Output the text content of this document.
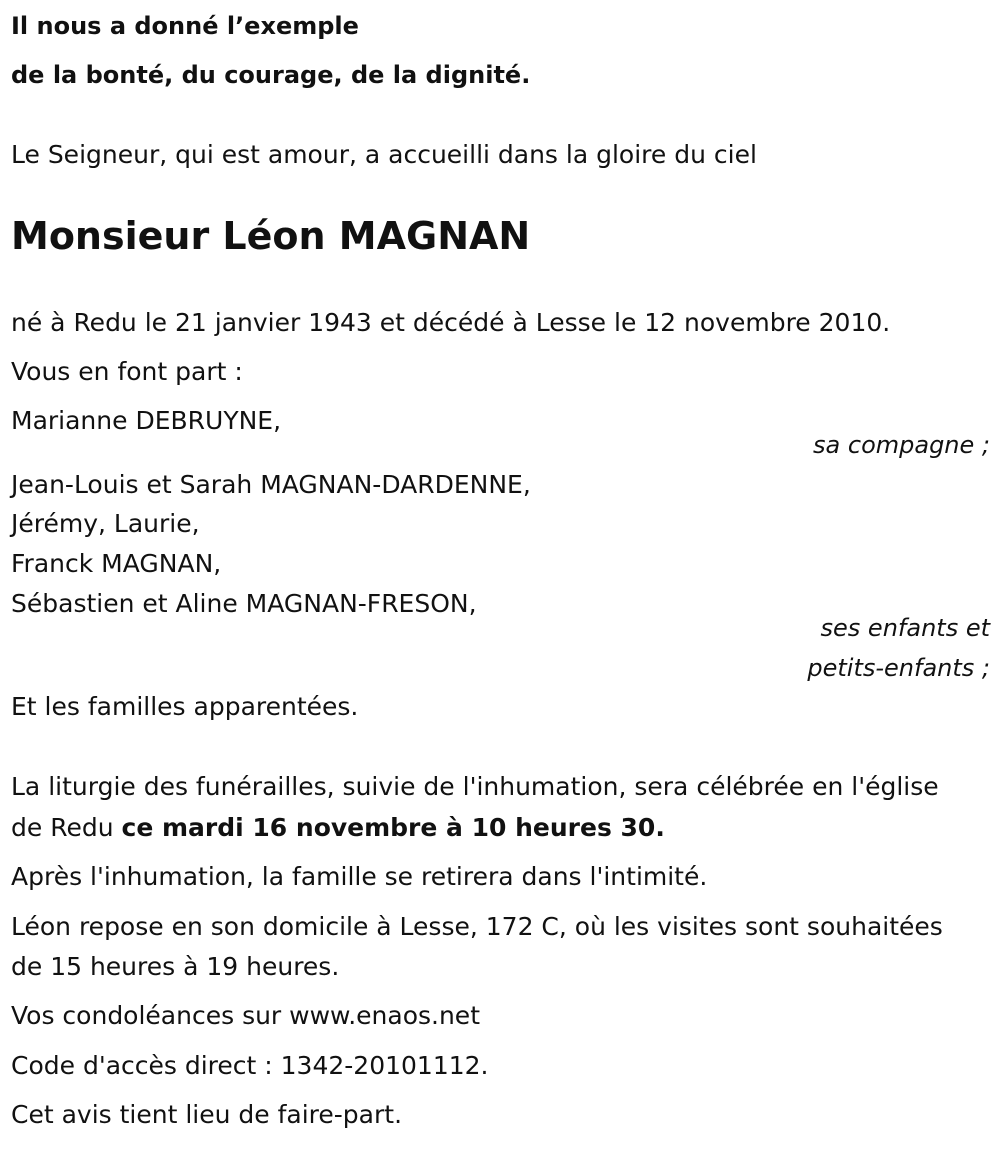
Il nous a donné l’exemple
de la bonté, du courage, de la dignité.
Le Seigneur, qui est amour, a accueilli dans la gloire du ciel
Monsieur Léon MAGNAN
né à Redu le 21 janvier 1943 et décédé à Lesse le 12 novembre 2010.
Vous en font part :
Marianne DEBRUYNE,
sa compagne ;
Jean-Louis et Sarah MAGNAN-DARDENNE,
Jérémy, Laurie,
Franck MAGNAN,
Sébastien et Aline MAGNAN-FRESON,
ses enfants et
petits-enfants ;
Et les familles apparentées.
La liturgie des funérailles, suivie de l'inhumation, sera célébrée en l'église
de Redu ce mardi 16 novembre à 10 heures 30.
Après l'inhumation, la famille se retirera dans l'intimité.
Léon repose en son domicile à Lesse, 172 C, où les visites sont souhaitées
de 15 heures à 19 heures.
Vos condoléances sur www.enaos.net
Code d'accès direct : 1342-20101112.
Cet avis tient lieu de faire-part.
